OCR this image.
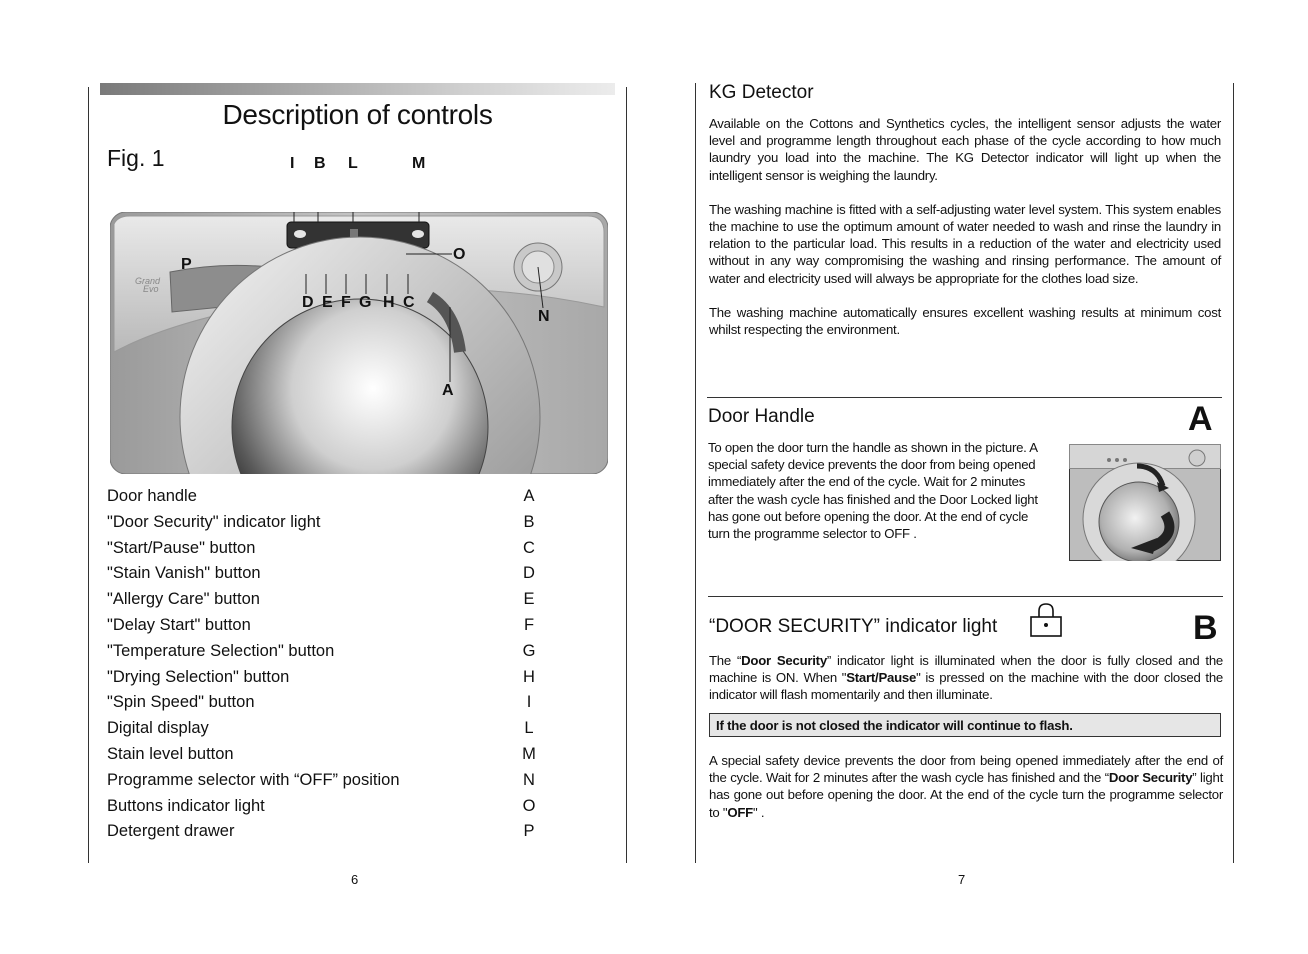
Description of controls
Fig. 1	I B L	M
Grand
Evo
O
P
D E F G H C
N
A
Door handle	A
"Door Security" indicator light	B
"Start/Pause" button	C
"Stain Vanish" button	D
"Allergy Care" button	E
"Delay Start" button	F
"Temperature Selection" button	G
"Drying Selection" button	H
"Spin Speed" button	I
Digital display	L
Stain level button	M
Programme selector with “OFF” position	N
Buttons indicator light	O
Detergent drawer	P
6
KG Detector

Available on the Cottons and Synthetics cycles, the intelligent sensor adjusts the water level and programme length throughout each phase of the cycle according to how much laundry you load into the machine. The KG Detector indicator will light up when the intelligent sensor is weighing the laundry.

The washing machine is fitted with a self-adjusting water level system. This system enables the machine to use the optimum amount of water needed to wash and rinse the laundry in relation to the particular load. This results in a reduction of the water and electricity used without in any way compromising the washing and rinsing performance. The amount of water and electricity used will always be appropriate for the clothes load size.

The washing machine automatically ensures excellent washing results at minimum cost whilst respecting the environment.

Door Handle	A
To open the door turn the handle as shown in the picture. A special safety device prevents the door from being opened immediately after the end of the cycle. Wait for 2 minutes after the wash cycle has finished and the Door Locked light has gone out before opening the door. At the end of cycle turn the programme selector to OFF .
“DOOR SECURITY” indicator light	B
The “Door Security” indicator light is illuminated when the door is fully closed and the machine is ON. When "Start/Pause" is pressed on the machine with the door closed the indicator will flash momentarily and then illuminate.
If the door is not closed the indicator will continue to flash.
A special safety device prevents the door from being opened immediately after the end of the cycle. Wait for 2 minutes after the wash cycle has finished and the “Door Security” light has gone out before opening the door. At the end of the cycle turn the programme selector to "OFF" .
7
